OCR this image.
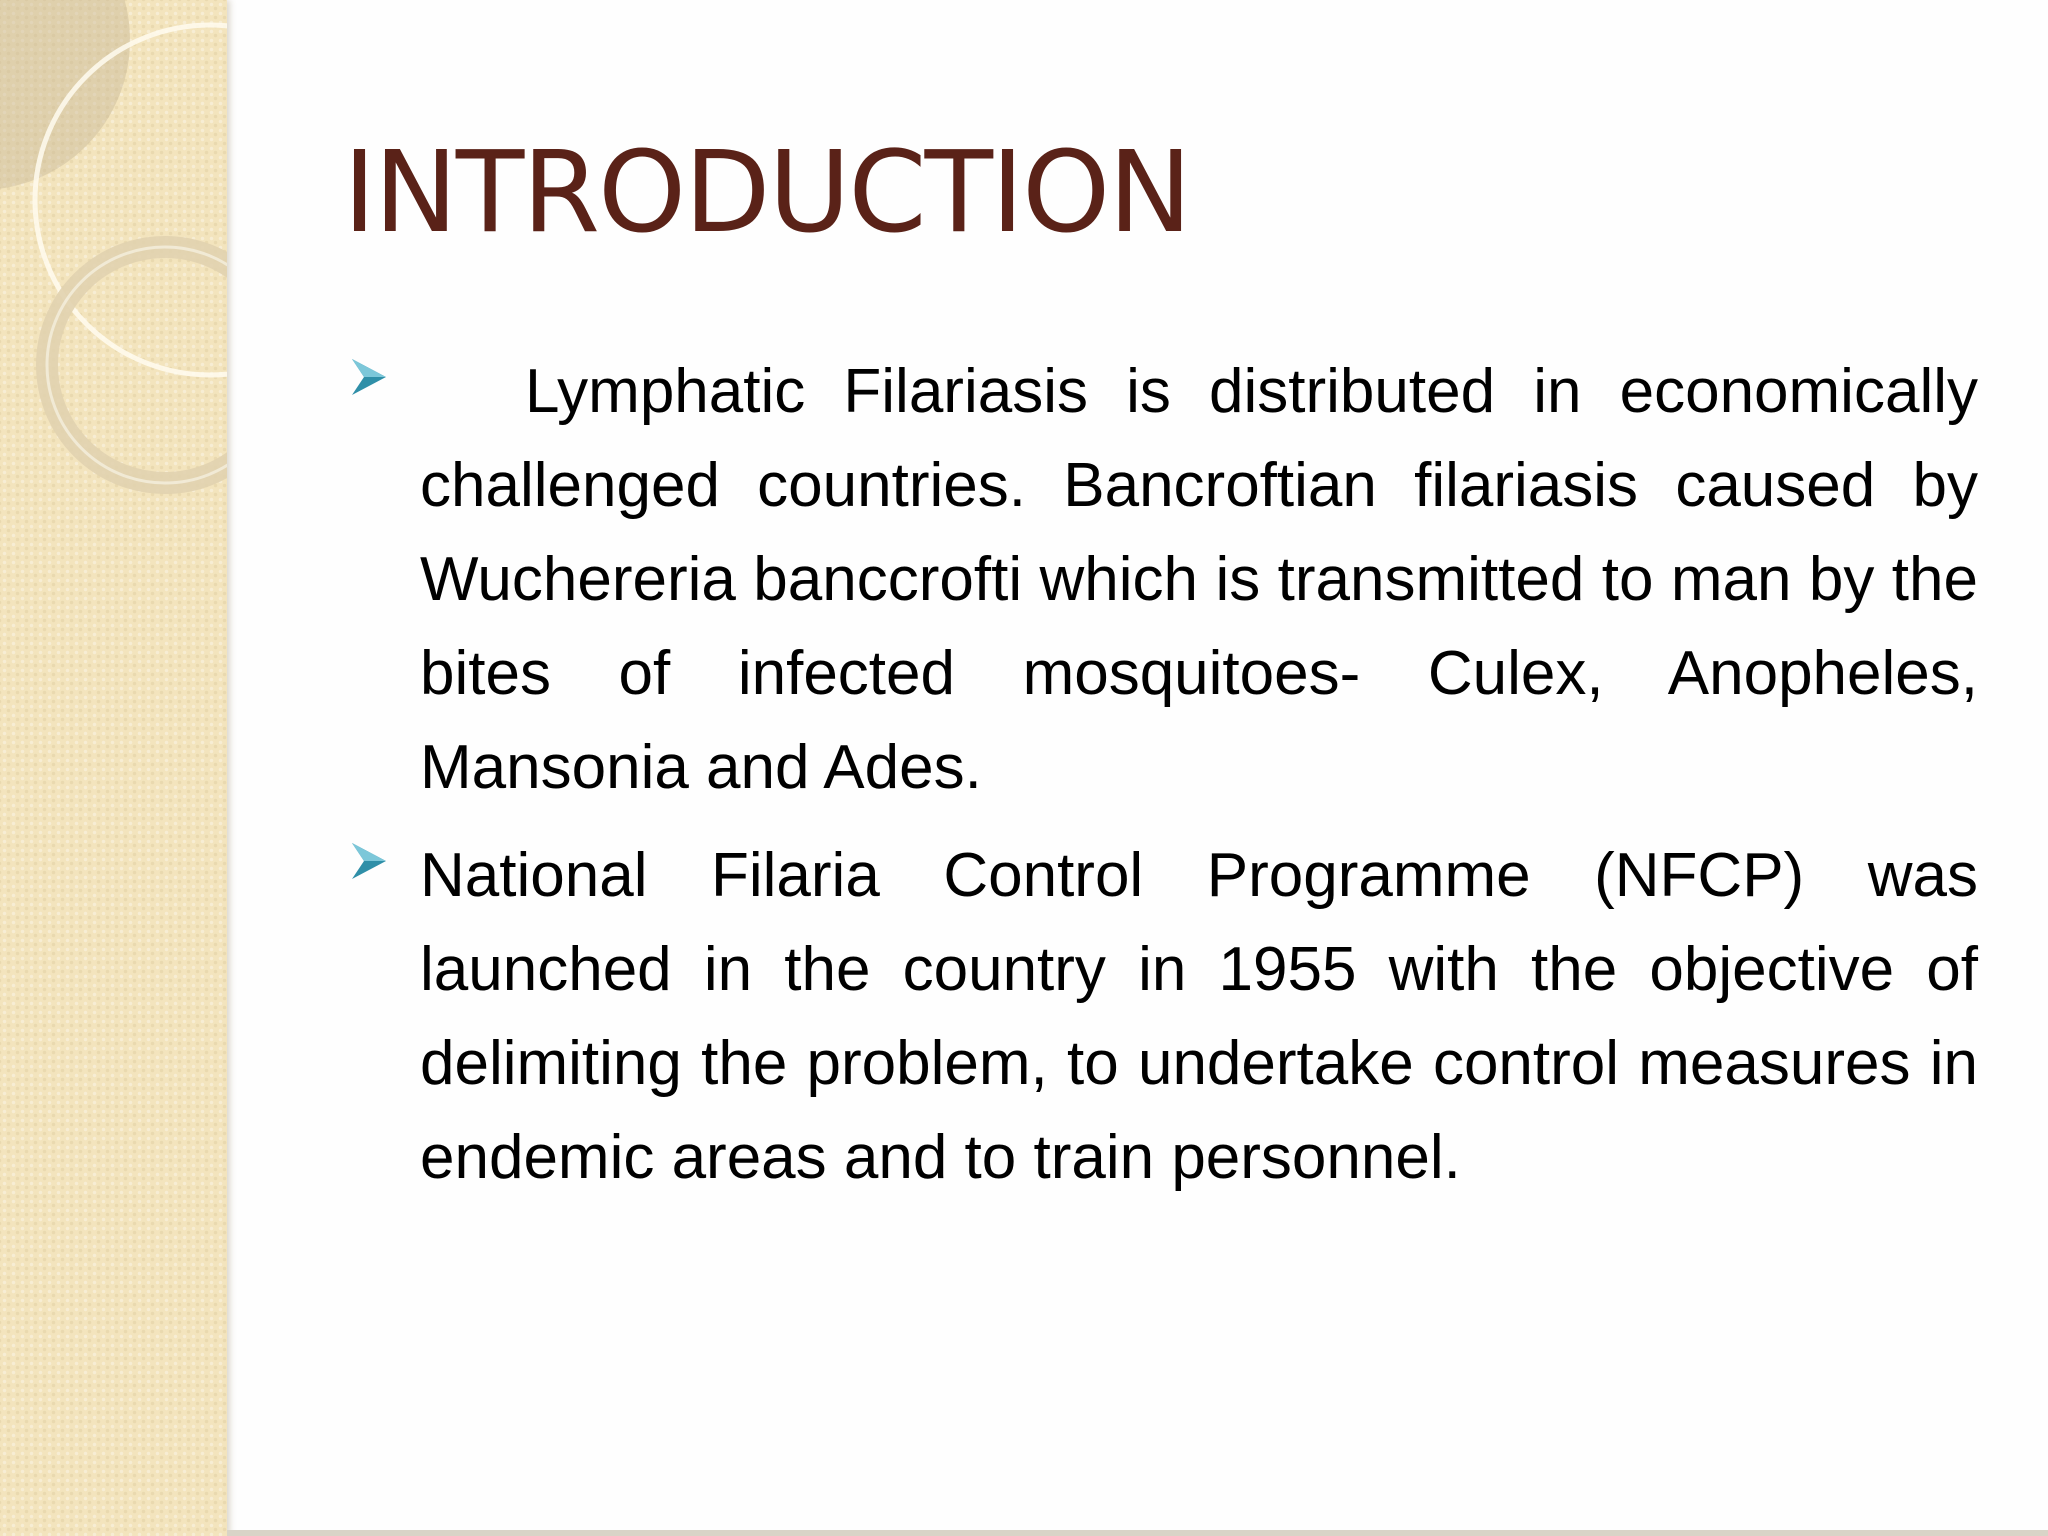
INTRODUCTION
Lymphatic Filariasis is distributed in economically challenged countries. Bancroftian filariasis caused by Wuchereria banccrofti which is transmitted to man by the bites of infected mosquitoes- Culex, Anopheles, Mansonia and Ades.
National Filaria Control Programme (NFCP) was launched in the country in 1955 with the objective of delimiting the problem, to undertake control measures in endemic areas and to train personnel.
